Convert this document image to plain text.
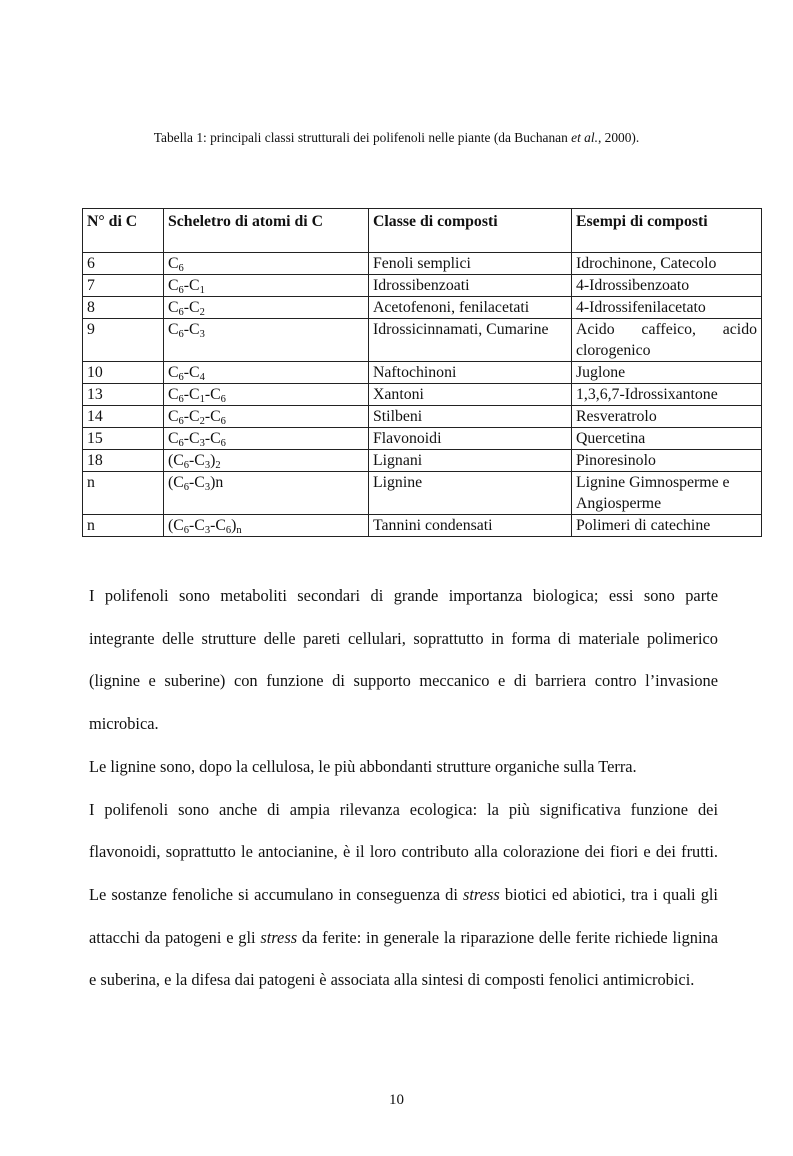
Tabella 1: principali classi strutturali dei polifenoli nelle piante (da Buchanan et al., 2000).
N° di C	Scheletro di atomi di C	Classe di composti	Esempi di composti
6	$C_6$	Fenoli semplici	Idrochinone, Catecolo
7	$C_6-C_1$	Idrossibenzoati	4-Idrossibenzoato
8	$C_6-C_2$	Acetofenoni, fenilacetati	4-Idrossifenilacetato
9	$C_6-C_3$	Idrossicinnamati, Cumarine	Acido caffeico, acido clorogenico
10	$C_6-C_4$	Naftochinoni	Juglone
13	$C_6-C_1-C_6$	Xantoni	1,3,6,7-Idrossixantone
14	$C_6-C_2-C_6$	Stilbeni	Resveratrolo
15	$C_6-C_3-C_6$	Flavonoidi	Quercetina
18	$(C_6-C_3)_2$	Lignani	Pinoresinolo
n	$(C_6-C_3)n$	Lignine	Lignine Gimnosperme e Angiosperme
n	$(C_6-C_3-C_6)_n$	Tannini condensati	Polimeri di catechine

I polifenoli sono metaboliti secondari di grande importanza biologica; essi sono parte integrante delle strutture delle pareti cellulari, soprattutto in forma di materiale polimerico (lignine e suberine) con funzione di supporto meccanico e di barriera contro l’invasione microbica.

Le lignine sono, dopo la cellulosa, le più abbondanti strutture organiche sulla Terra.

I polifenoli sono anche di ampia rilevanza ecologica: la più significativa funzione dei flavonoidi, soprattutto le antocianine, è il loro contributo alla colorazione dei fiori e dei frutti. Le sostanze fenoliche si accumulano in conseguenza di stress biotici ed abiotici, tra i quali gli attacchi da patogeni e gli stress da ferite: in generale la riparazione delle ferite richiede lignina e suberina, e la difesa dai patogeni è associata alla sintesi di composti fenolici antimicrobici.

10
